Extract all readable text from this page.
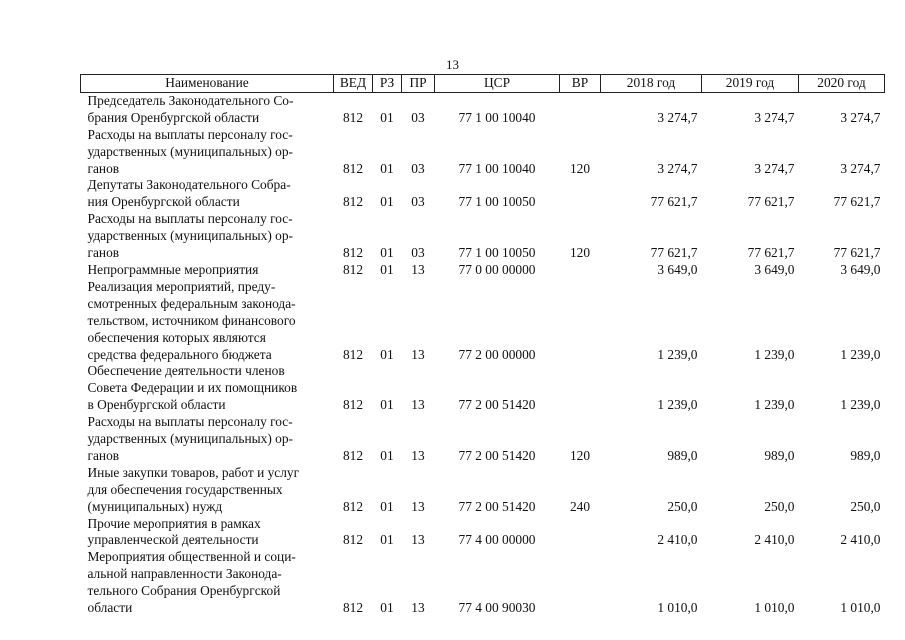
13
Наименование	ВЕД	РЗ	ПР	ЦСР	ВР	2018 год	2019 год	2020 год

Председатель Законодательного Со-
брания Оренбургской области	812	01	03	77 1 00 10040		3 274,7	3 274,7	3 274,7

Расходы на выплаты персоналу гос-
ударственных (муниципальных) ор-
ганов	812	01	03	77 1 00 10040	120	3 274,7	3 274,7	3 274,7

Депутаты Законодательного Собра-
ния Оренбургской области	812	01	03	77 1 00 10050		77 621,7	77 621,7	77 621,7

Расходы на выплаты персоналу гос-
ударственных (муниципальных) ор-
ганов	812	01	03	77 1 00 10050	120	77 621,7	77 621,7	77 621,7

Непрограммные мероприятия	812	01	13	77 0 00 00000		3 649,0	3 649,0	3 649,0

Реализация мероприятий, преду-
смотренных федеральным законода-
тельством, источником финансового
обеспечения которых являются
средства федерального бюджета	812	01	13	77 2 00 00000		1 239,0	1 239,0	1 239,0

Обеспечение деятельности членов
Совета Федерации и их помощников
в Оренбургской области	812	01	13	77 2 00 51420		1 239,0	1 239,0	1 239,0

Расходы на выплаты персоналу гос-
ударственных (муниципальных) ор-
ганов	812	01	13	77 2 00 51420	120	989,0	989,0	989,0

Иные закупки товаров, работ и услуг
для обеспечения государственных
(муниципальных) нужд	812	01	13	77 2 00 51420	240	250,0	250,0	250,0

Прочие мероприятия в рамках
управленческой деятельности	812	01	13	77 4 00 00000		2 410,0	2 410,0	2 410,0

Мероприятия общественной и соци-
альной направленности Законода-
тельного Собрания Оренбургской
области	812	01	13	77 4 00 90030		1 010,0	1 010,0	1 010,0
